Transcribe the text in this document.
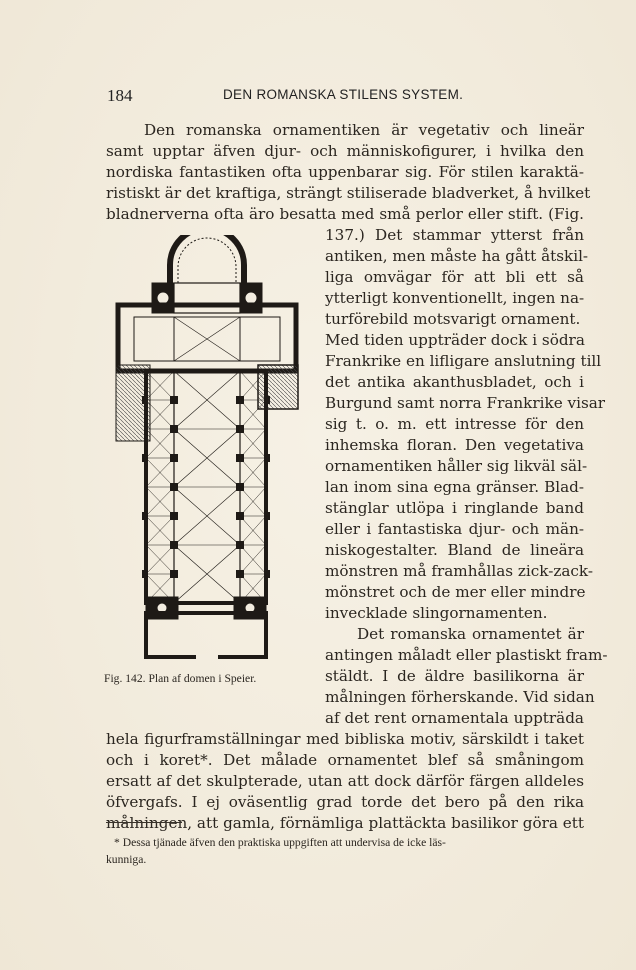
184	DEN ROMANSKA STILENS SYSTEM.
Den romanska ornamentiken är vegetativ och lineär
samt upptar äfven djur- och människofigurer, i hvilka den
nordiska fantastiken ofta uppenbarar sig. För stilen karaktä-
ristiskt är det kraftiga, strängt stiliserade bladverket, å hvilket
bladnerverna ofta äro besatta med små perlor eller stift. (Fig.
137.) Det stammar ytterst från
antiken, men måste ha gått åtskil-
liga omvägar för att bli ett så
ytterligt konventionellt, ingen na-
turförebild motsvarigt ornament.
Med tiden uppträder dock i södra
Frankrike en lifligare anslutning till
det antika akanthusbladet, och i
Burgund samt norra Frankrike visar
sig t. o. m. ett intresse för den
inhemska floran. Den vegetativa
ornamentiken håller sig likväl säl-
lan inom sina egna gränser. Blad-
stänglar utlöpa i ringlande band
eller i fantastiska djur- och män-
niskogestalter. Bland de lineära
mönstren må framhållas zick-zack-
mönstret och de mer eller mindre
invecklade slingornamenten.
Det romanska ornamentet är
antingen måladt eller plastiskt fram-
stäldt. I de äldre basilikorna är
målningen förherskande. Vid sidan
af det rent ornamentala uppträda
hela figurframställningar med bibliska motiv, särskildt i taket
och i koret*. Det målade ornamentet blef så småningom
ersatt af det skulpterade, utan att dock därför färgen alldeles
öfvergafs. I ej oväsentlig grad torde det bero på den rika
målningen, att gamla, förnämliga plattäckta basilikor göra ett
Fig. 142. Plan af domen i Speier.
* Dessa tjänade äfven den praktiska uppgiften att undervisa de icke läs-
kunniga.
